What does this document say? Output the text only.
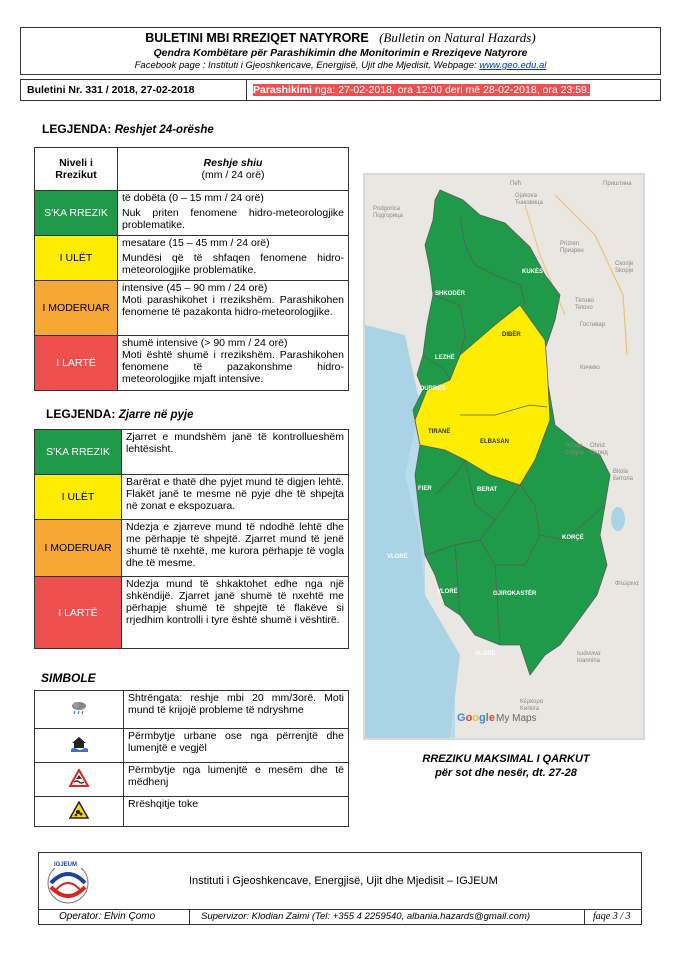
BULETINI MBI RREZIQET NATYRORE (Bulletin on Natural Hazards)
Qendra Kombëtare për Parashikimin dhe Monitorimin e Rreziqeve Natyrore
Facebook page : Instituti i Gjeoshkencave, Energjisë, Ujit dhe Mjedisit, Webpage: www.geo.edu.al
Buletini Nr. 331 / 2018, 27-02-2018	Parashikimi nga: 27-02-2018, ora 12:00 deri më 28-02-2018, ora 23:59.
LEGJENDA: Reshjet 24-orëshe
Niveli i Rrezikut	Reshje shiu
(mm / 24 orë)
S'KA RREZIK	të dobëta (0 – 15 mm / 24 orë)
Nuk priten fenomene hidro-meteorologjike problematike.

I ULËT	mesatare (15 – 45 mm / 24 orë)
Mundësi që të shfaqen fenomene hidro-meteorologjike problematike.

I MODERUAR	intensive (45 – 90 mm / 24 orë)
Moti parashikohet i rrezikshëm. Parashikohen fenomene të pazakonta hidro-meteorologjike.

I LARTË	shumë intensive (> 90 mm / 24 orë)
Moti është shumë i rrezikshëm. Parashikohen fenomene të pazakonshme hidro-meteorologjike mjaft intensive.
LEGJENDA: Zjarre në pyje
S'KA RREZIK	Zjarret e mundshëm janë të kontrollueshëm lehtësisht.
I ULËT	Barërat e thatë dhe pyjet mund të digjen lehtë. Flakët janë te mesme në pyje dhe të shpejta në zonat e ekspozuara.
I MODERUAR	Ndezja e zjarreve mund të ndodhë lehtë dhe me përhapje të shpejtë. Zjarret mund të jenë shumë të nxehtë, me kurora përhapje të vogla dhe të mesme.
I LARTË	Ndezja mund të shkaktohet edhe nga një shkëndijë. Zjarret janë shumë të nxehtë me përhapje shumë të shpejtë të flakëve si rrjedhim kontrolli i tyre është shumë i vështirë.
SIMBOLE
	Shtrëngata: reshje mbi 20 mm/3orë. Moti mund të krijojë probleme të ndryshme
	Përmbytje urbane ose nga përrenjtë dhe lumenjtë e vegjël
	Përmbytje nga lumenjtë e mesëm dhe të mëdhenj
	Rrëshqitje toke
KUKËS
SHKODËR
DIBËR
LEZHË
DURRËS
TIRANË
ELBASAN
FIER	BERAT
KORÇË
VLORË
VLORË	GJIROKASTËR
VLORË
Пећ	Приштина
Podgorica
Подгорица
Gjakova
Ђаковица
Prizren
Призрен
Скопје
Skopje
Тетово
Tetovo
Гостивар
Кичево
Struga
Струга
Ohrid
Охрид
Bitola
Битола
Φλώρινα
Ιωάννινα
Ioannina
Κέρκυρα
Kerkira
Google My Maps
RREZIKU MAKSIMAL I QARKUT
për sot dhe nesër, dt. 27-28
IGJEUM
Instituti i Gjeoshkencave, Energjisë, Ujit dhe Mjedisit – IGJEUM
Operator: Elvin Çomo	Supervizor: Klodian Zaimi (Tel: +355 4 2259540, albania.hazards@gmail.com)	faqe 3 / 3
